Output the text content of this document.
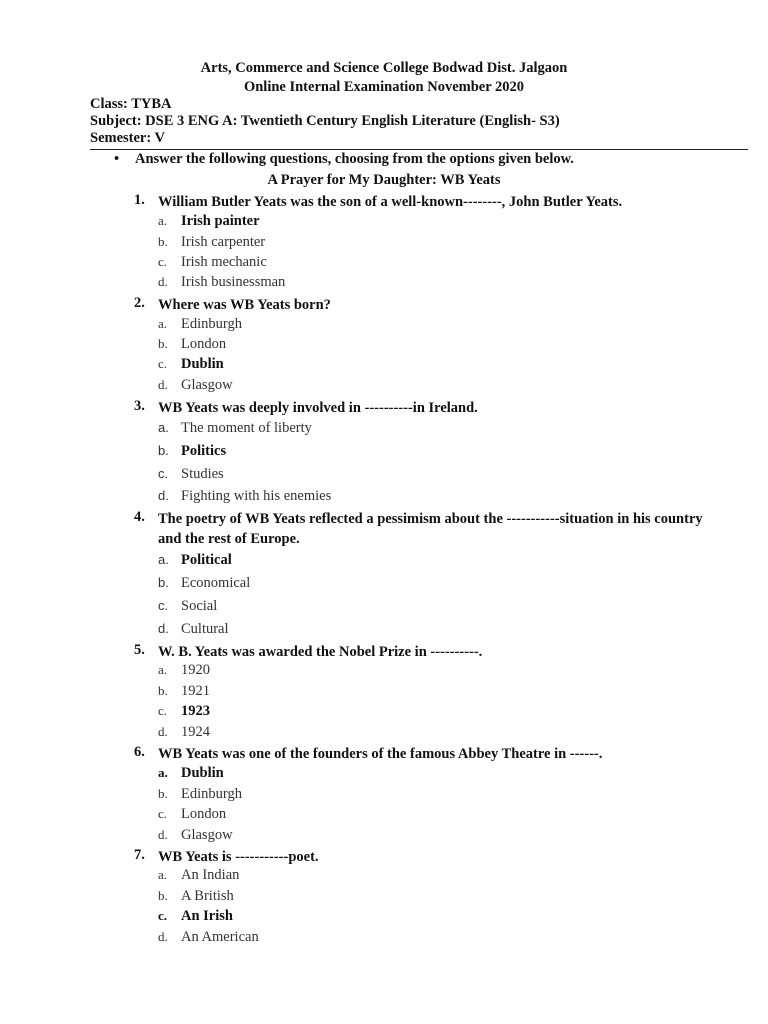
Arts, Commerce and Science College Bodwad Dist. Jalgaon
Online Internal Examination November 2020
Class: TYBA
Subject: DSE 3 ENG A: Twentieth Century English Literature (English- S3)
Semester: V
• Answer the following questions, choosing from the options given below.
A Prayer for My Daughter: WB Yeats
1. William Butler Yeats was the son of a well-known--------, John Butler Yeats.
a. Irish painter
b. Irish carpenter
c. Irish mechanic
d. Irish businessman
2. Where was WB Yeats born?
a. Edinburgh
b. London
c. Dublin
d. Glasgow
3. WB Yeats was deeply involved in ----------in Ireland.
a. The moment of liberty
b. Politics
c. Studies
d. Fighting with his enemies
4. The poetry of WB Yeats reflected a pessimism about the -----------situation in his country and the rest of Europe.
a. Political
b. Economical
c. Social
d. Cultural
5. W. B. Yeats was awarded the Nobel Prize in ----------.
a. 1920
b. 1921
c. 1923
d. 1924
6. WB Yeats was one of the founders of the famous Abbey Theatre in ------.
a. Dublin
b. Edinburgh
c. London
d. Glasgow
7. WB Yeats is -----------poet.
a. An Indian
b. A British
c. An Irish
d. An American
